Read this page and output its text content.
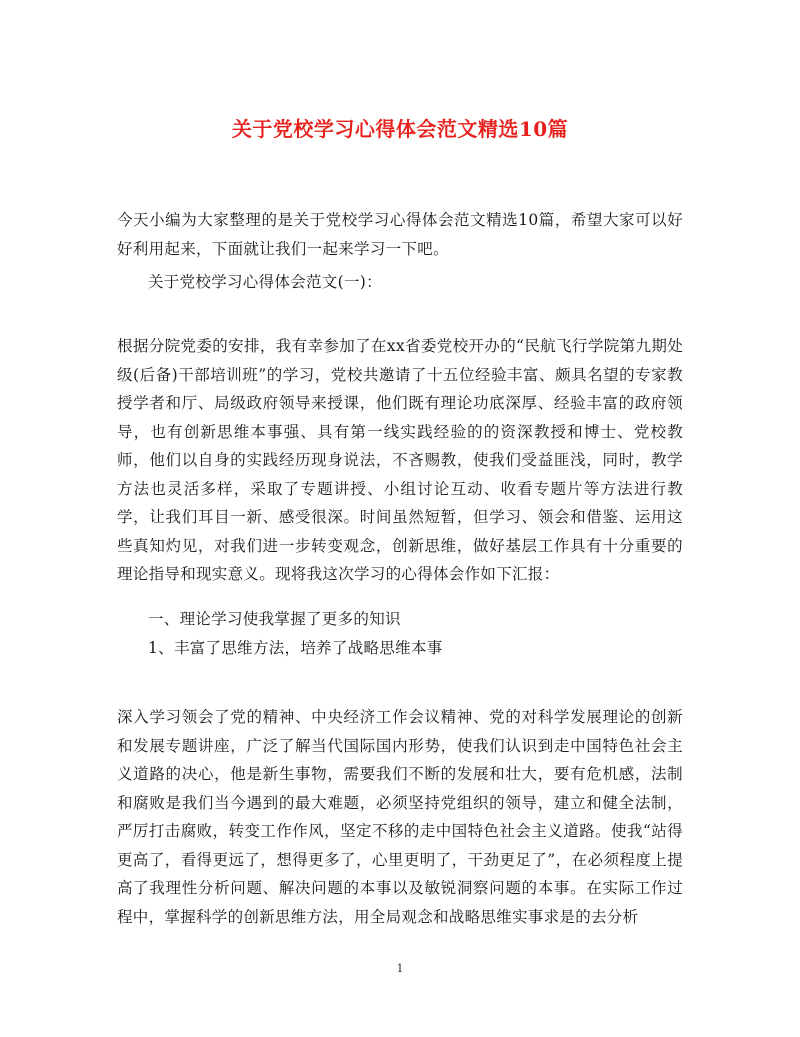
关于党校学习心得体会范文精选10篇

今天小编为大家整理的是关于党校学习心得体会范文精选10篇，希望大家可以好好利用起来，下面就让我们一起来学习一下吧。

关于党校学习心得体会范文(一)：

根据分院党委的安排，我有幸参加了在xx省委党校开办的“民航飞行学院第九期处级(后备)干部培训班”的学习，党校共邀请了十五位经验丰富、颇具名望的专家教授学者和厅、局级政府领导来授课，他们既有理论功底深厚、经验丰富的政府领导，也有创新思维本事强、具有第一线实践经验的的资深教授和博士、党校教师，他们以自身的实践经历现身说法，不吝赐教，使我们受益匪浅，同时，教学方法也灵活多样，采取了专题讲授、小组讨论互动、收看专题片等方法进行教学，让我们耳目一新、感受很深。时间虽然短暂，但学习、领会和借鉴、运用这些真知灼见，对我们进一步转变观念，创新思维，做好基层工作具有十分重要的理论指导和现实意义。现将我这次学习的心得体会作如下汇报：

一、理论学习使我掌握了更多的知识

1、丰富了思维方法，培养了战略思维本事

深入学习领会了党的精神、中央经济工作会议精神、党的对科学发展理论的创新和发展专题讲座，广泛了解当代国际国内形势，使我们认识到走中国特色社会主义道路的决心，他是新生事物，需要我们不断的发展和壮大，要有危机感，法制和腐败是我们当今遇到的最大难题，必须坚持党组织的领导，建立和健全法制，严厉打击腐败，转变工作作风，坚定不移的走中国特色社会主义道路。使我“站得更高了，看得更远了，想得更多了，心里更明了，干劲更足了”，在必须程度上提高了我理性分析问题、解决问题的本事以及敏锐洞察问题的本事。在实际工作过程中，掌握科学的创新思维方法，用全局观念和战略思维实事求是的去分析

1
